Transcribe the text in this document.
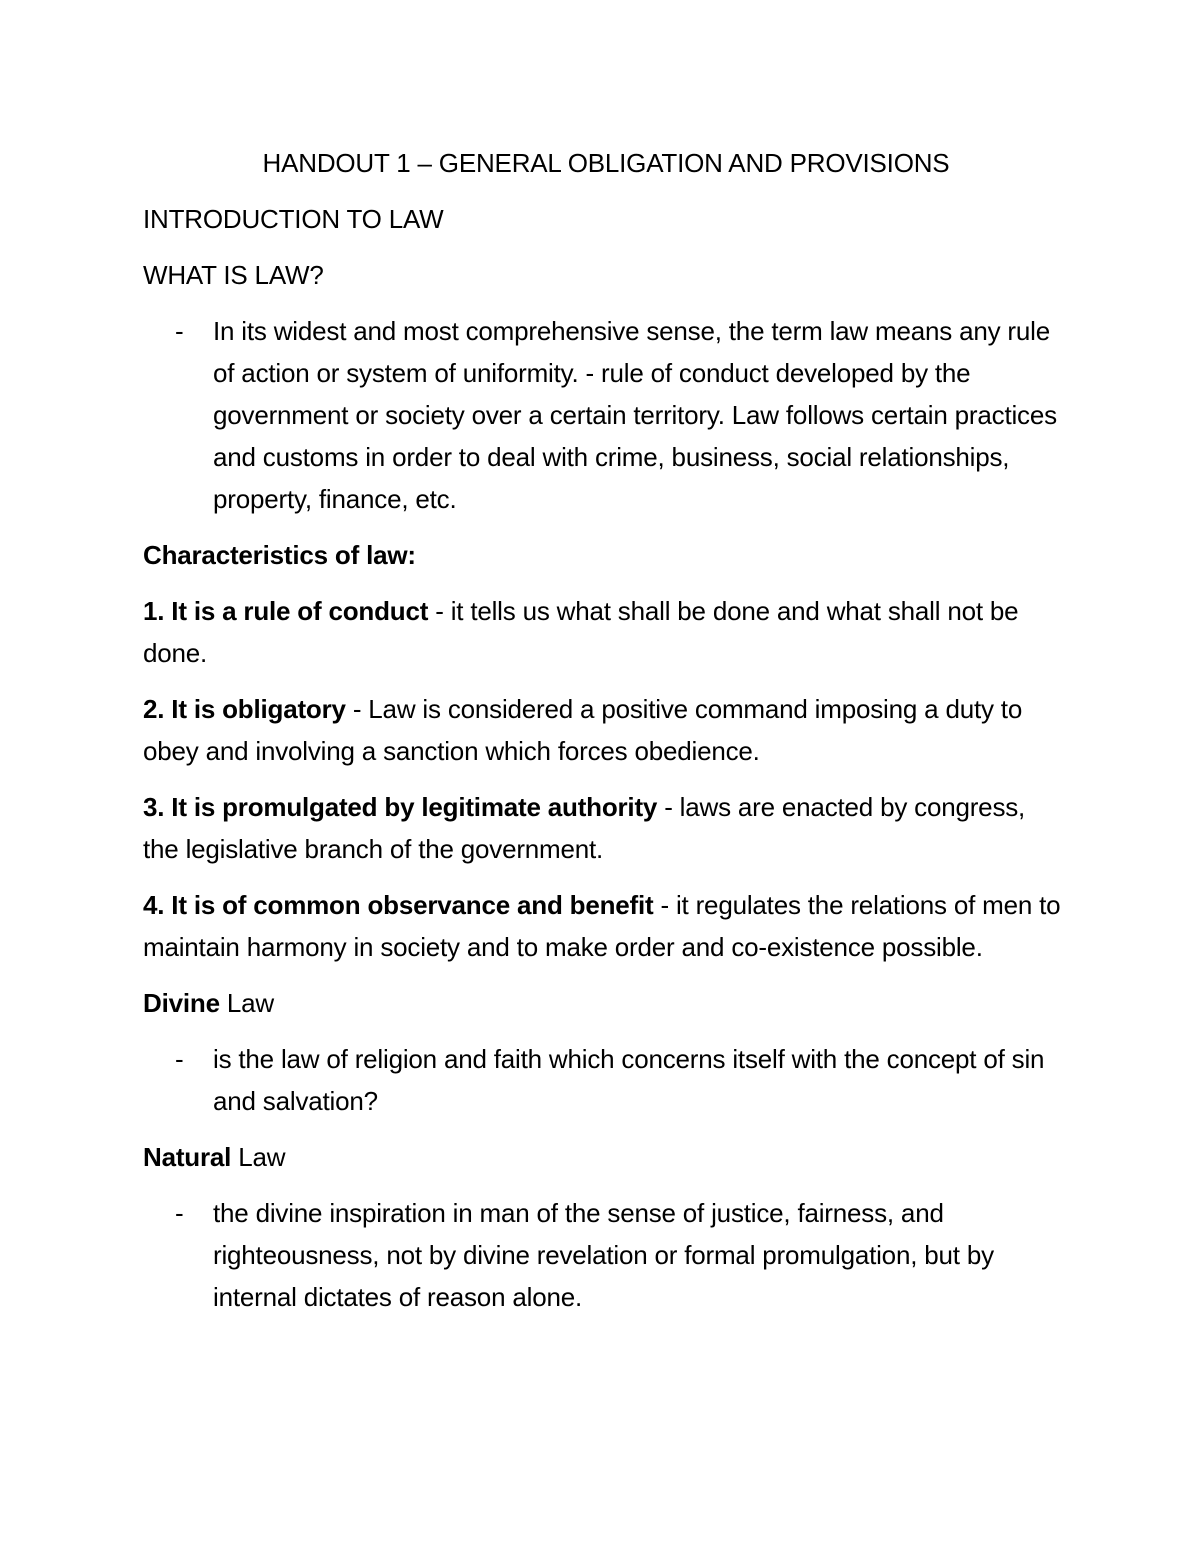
HANDOUT 1 – GENERAL OBLIGATION AND PROVISIONS
INTRODUCTION TO LAW
WHAT IS LAW?
- In its widest and most comprehensive sense, the term law means any rule of action or system of uniformity. - rule of conduct developed by the government or society over a certain territory. Law follows certain practices and customs in order to deal with crime, business, social relationships, property, finance, etc.
Characteristics of law:
1. It is a rule of conduct - it tells us what shall be done and what shall not be done.
2. It is obligatory - Law is considered a positive command imposing a duty to obey and involving a sanction which forces obedience.
3. It is promulgated by legitimate authority - laws are enacted by congress, the legislative branch of the government.
4. It is of common observance and benefit - it regulates the relations of men to maintain harmony in society and to make order and co-existence possible.
Divine Law
- is the law of religion and faith which concerns itself with the concept of sin and salvation?
Natural Law
- the divine inspiration in man of the sense of justice, fairness, and righteousness, not by divine revelation or formal promulgation, but by internal dictates of reason alone.
